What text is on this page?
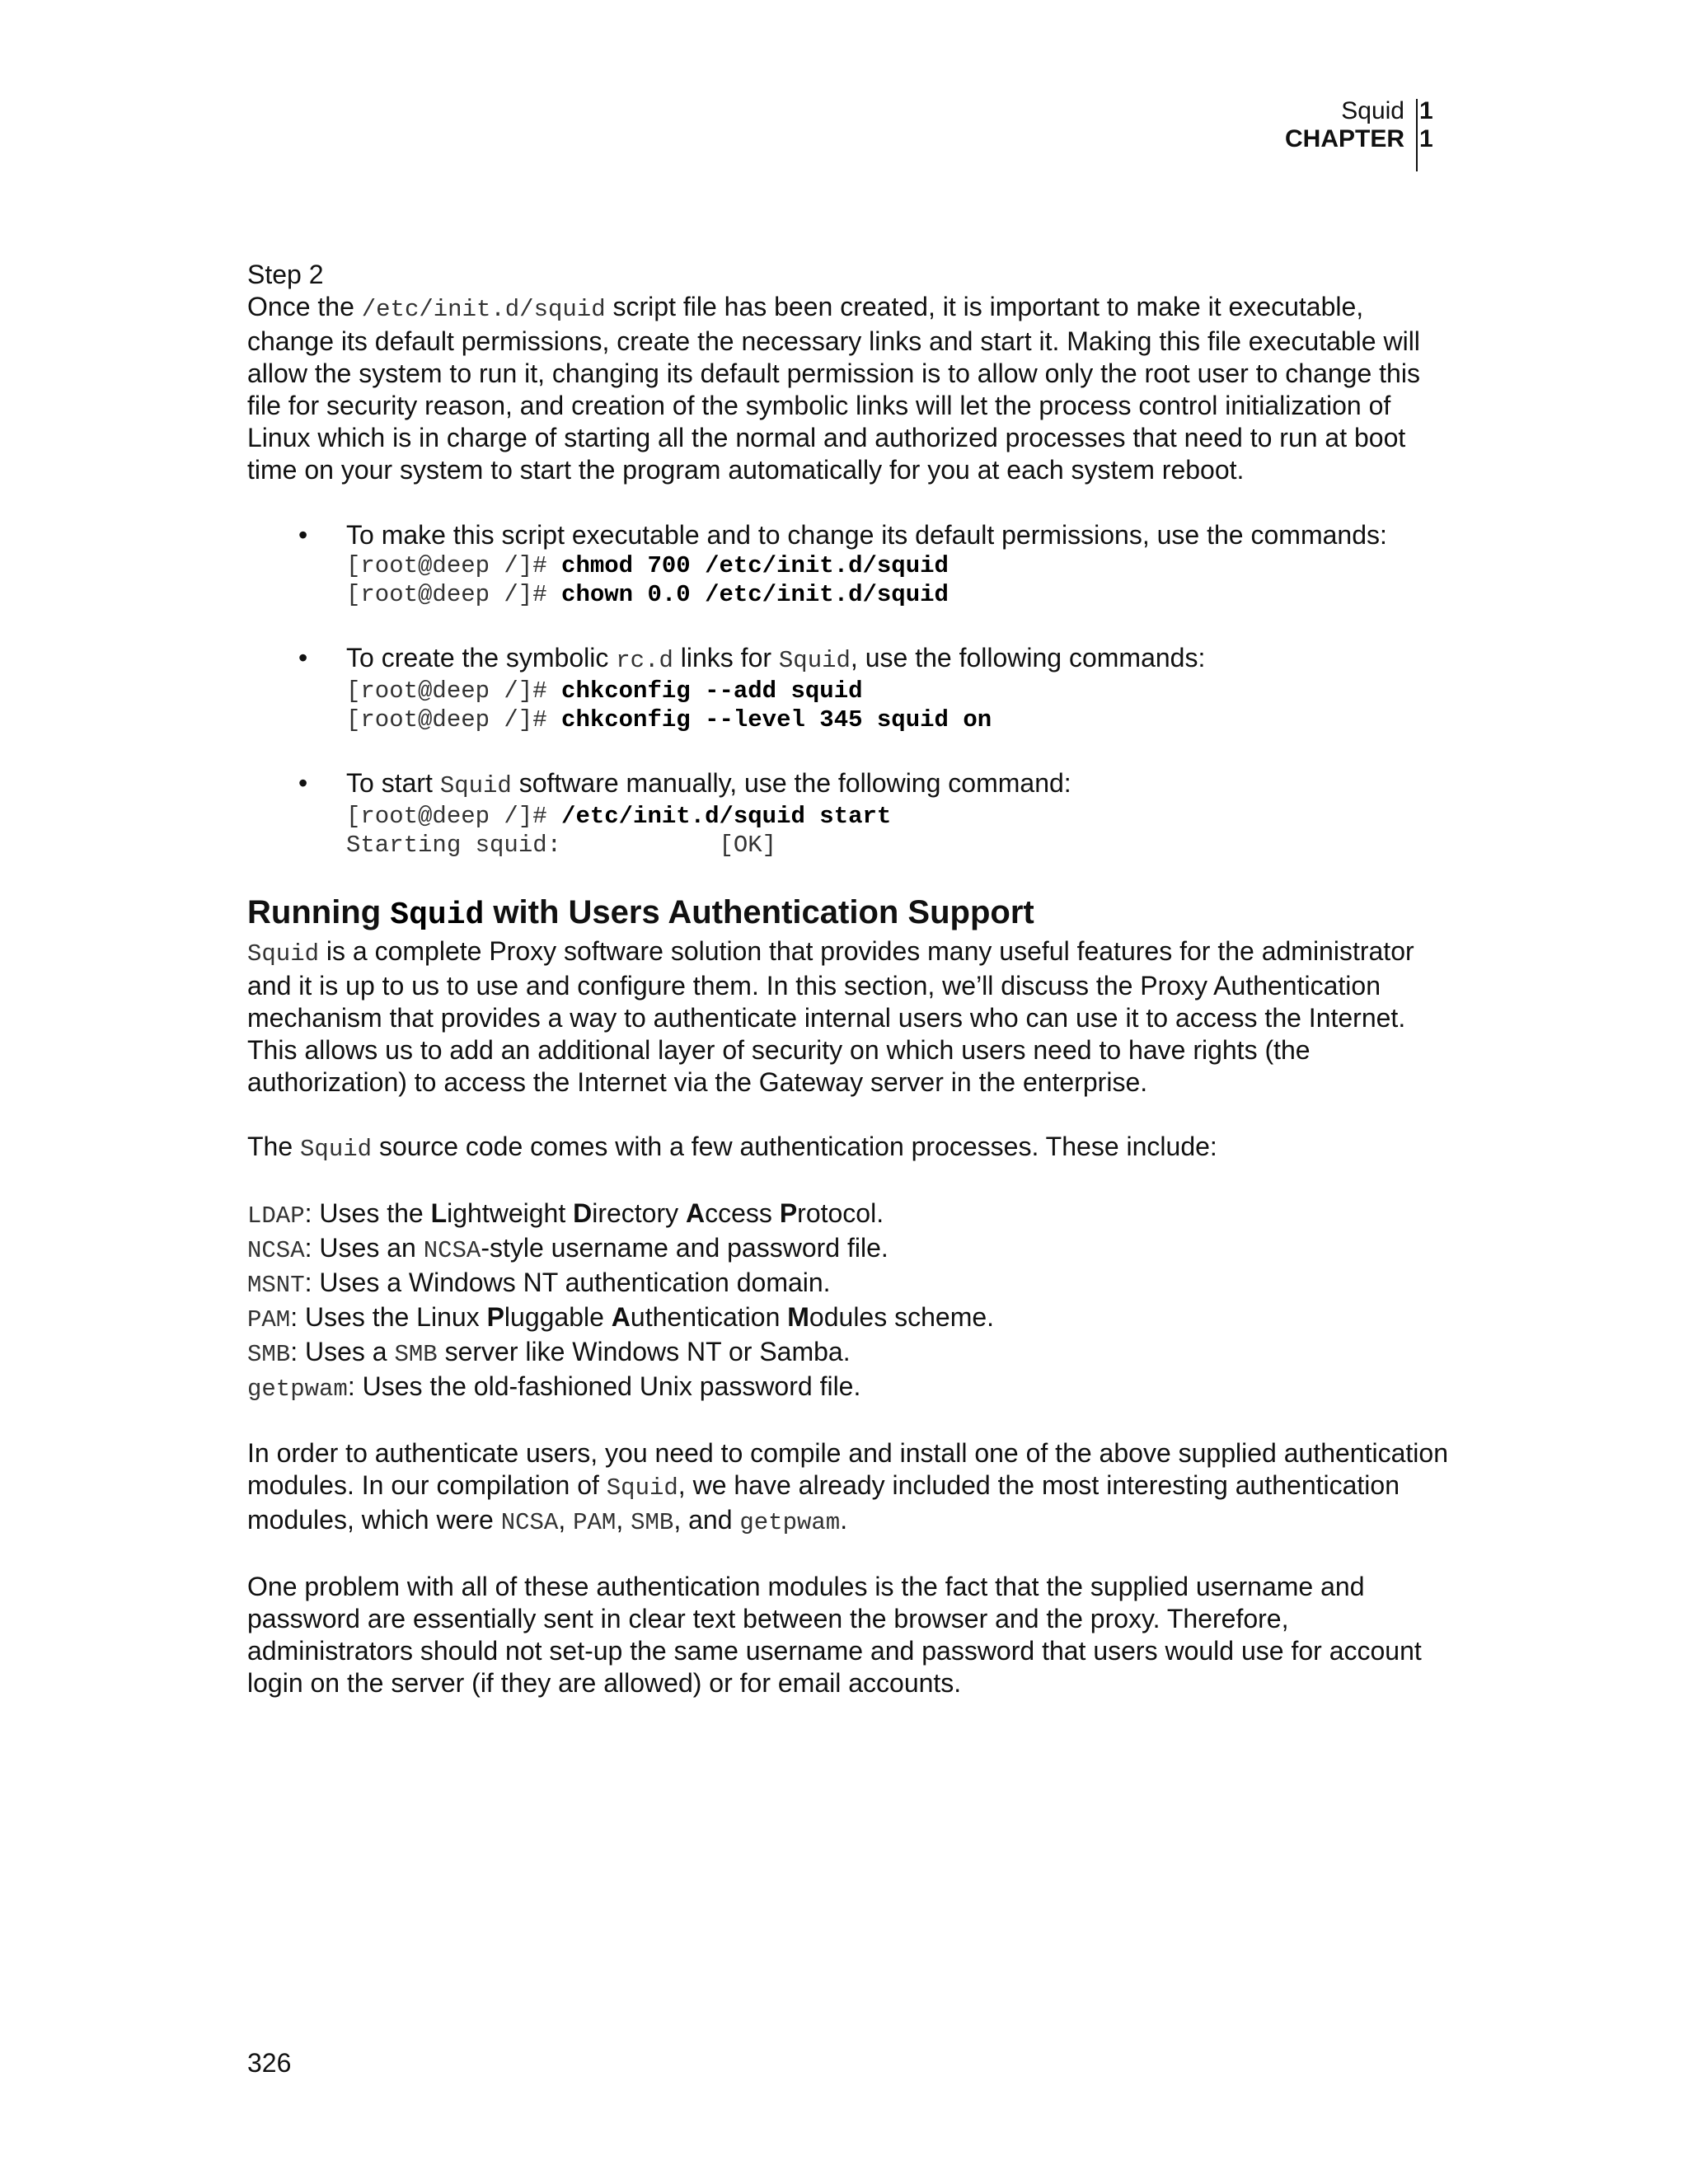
Squid
CHAPTER
1
1

Step 2

Once the /etc/init.d/squid script file has been created, it is important to make it executable, change its default permissions, create the necessary links and start it. Making this file executable will allow the system to run it, changing its default permission is to allow only the root user to change this file for security reason, and creation of the symbolic links will let the process control initialization of Linux which is in charge of starting all the normal and authorized processes that need to run at boot time on your system to start the program automatically for you at each system reboot.

• To make this script executable and to change its default permissions, use the commands:
[root@deep /]# chmod 700 /etc/init.d/squid
[root@deep /]# chown 0.0 /etc/init.d/squid
• To create the symbolic rc.d links for Squid, use the following commands:
[root@deep /]# chkconfig --add squid
[root@deep /]# chkconfig --level 345 squid on
• To start Squid software manually, use the following command:
[root@deep /]# /etc/init.d/squid start
Starting squid:           [OK]
Running Squid with Users Authentication Support

Squid is a complete Proxy software solution that provides many useful features for the administrator and it is up to us to use and configure them. In this section, we’ll discuss the Proxy Authentication mechanism that provides a way to authenticate internal users who can use it to access the Internet. This allows us to add an additional layer of security on which users need to have rights (the authorization) to access the Internet via the Gateway server in the enterprise.

The Squid source code comes with a few authentication processes. These include:

LDAP: Uses the Lightweight Directory Access Protocol.

NCSA: Uses an NCSA-style username and password file.

MSNT: Uses a Windows NT authentication domain.

PAM: Uses the Linux Pluggable Authentication Modules scheme.

SMB: Uses a SMB server like Windows NT or Samba.

getpwam: Uses the old-fashioned Unix password file.

In order to authenticate users, you need to compile and install one of the above supplied authentication modules. In our compilation of Squid, we have already included the most interesting authentication modules, which were NCSA, PAM, SMB, and getpwam.

One problem with all of these authentication modules is the fact that the supplied username and password are essentially sent in clear text between the browser and the proxy. Therefore, administrators should not set-up the same username and password that users would use for account login on the server (if they are allowed) or for email accounts.

326
